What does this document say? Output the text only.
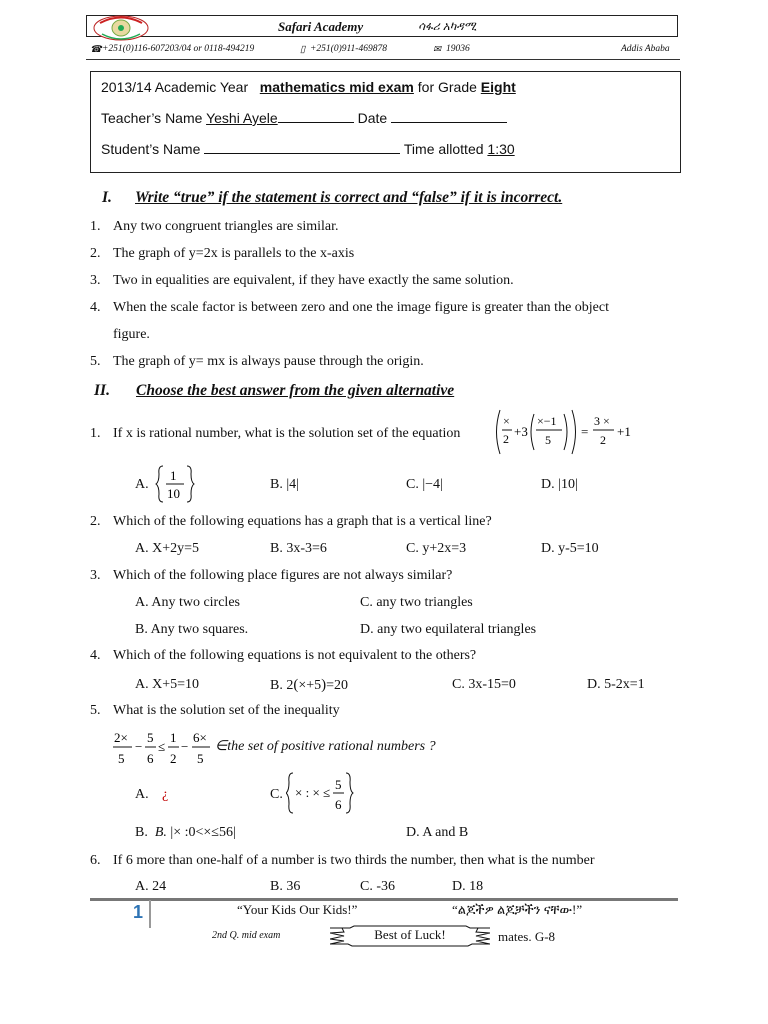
Safari Academy	ሳፋሪ አካዳሚ
☎ +251(0)116-607203/04 or 0118-494219	▯ +251(0)911-469878	✉ 19036	Addis Ababa
2013/14 Academic Year mathematics mid exam for Grade Eight
Teacher’s Name Yeshi Ayele	Date
Student’s Name	Time allotted 1:30
I. Write “true” if the statement is correct and “false” if it is incorrect.
1. Any two congruent triangles are similar.
2. The graph of y=2x is parallels to the x-axis
3. Two in equalities are equivalent, if they have exactly the same solution.
4. When the scale factor is between zero and one the image figure is greater than the object
figure.
5. The graph of y= mx is always pause through the origin.
II. Choose the best answer from the given alternative
1. If x is rational number, what is the solution set of the equation
×
2 +3
×−1
5
=
3 ×
2
+1
A.
1
10
B. |4|	C. |−4|	D. |10|
2. Which of the following equations has a graph that is a vertical line?
A. X+2y=5	B. 3x-3=6	C. y+2x=3	D. y-5=10
3. Which of the following place figures are not always similar?
A. Any two circles	C. any two triangles
B. Any two squares.	D. any two equilateral triangles
4. Which of the following equations is not equivalent to the others?
A. X+5=10	B. 2(×+5)=20	C. 3x-15=0	D. 5-2x=1
5. What is the solution set of the inequality
2×
5
−
5
6
≤
1
2
−
6×
5
∈the set of positive rational numbers ?
A. ¿	C. × : × ≤
5
6
B. B. |× :0<×≤56|	D. A and B
6. If 6 more than one-half of a number is two thirds the number, then what is the number
A. 24	B. 36	C. -36	D. 18
1	“Your Kids Our Kids!”	“ልጆችዎ ልጆቻችን ናቸው!”
2nd Q. mid exam	Best of Luck!	mates. G-8
